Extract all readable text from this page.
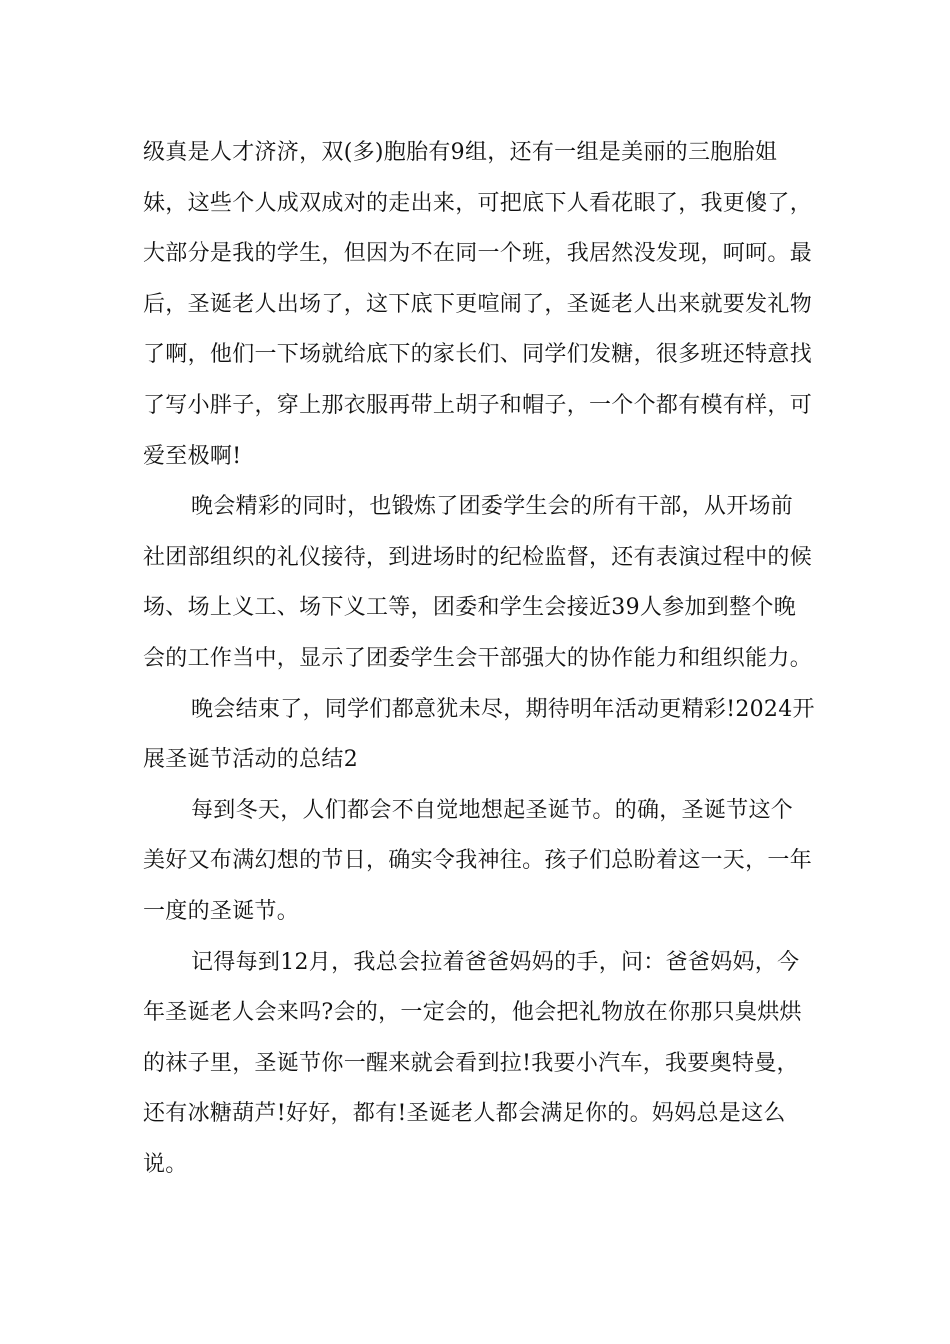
级真是人才济济，双(多)胞胎有9组，还有一组是美丽的三胞胎姐妹，这些个人成双成对的走出来，可把底下人看花眼了，我更傻了，大部分是我的学生，但因为不在同一个班，我居然没发现，呵呵。最后，圣诞老人出场了，这下底下更喧闹了，圣诞老人出来就要发礼物了啊，他们一下场就给底下的家长们、同学们发糖，很多班还特意找了写小胖子，穿上那衣服再带上胡子和帽子，一个个都有模有样，可爱至极啊!

晚会精彩的同时，也锻炼了团委学生会的所有干部，从开场前社团部组织的礼仪接待，到进场时的纪检监督，还有表演过程中的候场、场上义工、场下义工等，团委和学生会接近39人参加到整个晚会的工作当中，显示了团委学生会干部强大的协作能力和组织能力。

晚会结束了，同学们都意犹未尽，期待明年活动更精彩!2024开展圣诞节活动的总结2

每到冬天，人们都会不自觉地想起圣诞节。的确，圣诞节这个美好又布满幻想的节日，确实令我神往。孩子们总盼着这一天，一年一度的圣诞节。

记得每到12月，我总会拉着爸爸妈妈的手，问：爸爸妈妈，今年圣诞老人会来吗?会的，一定会的，他会把礼物放在你那只臭烘烘的袜子里，圣诞节你一醒来就会看到拉!我要小汽车，我要奥特曼，还有冰糖葫芦!好好，都有!圣诞老人都会满足你的。妈妈总是这么说。
